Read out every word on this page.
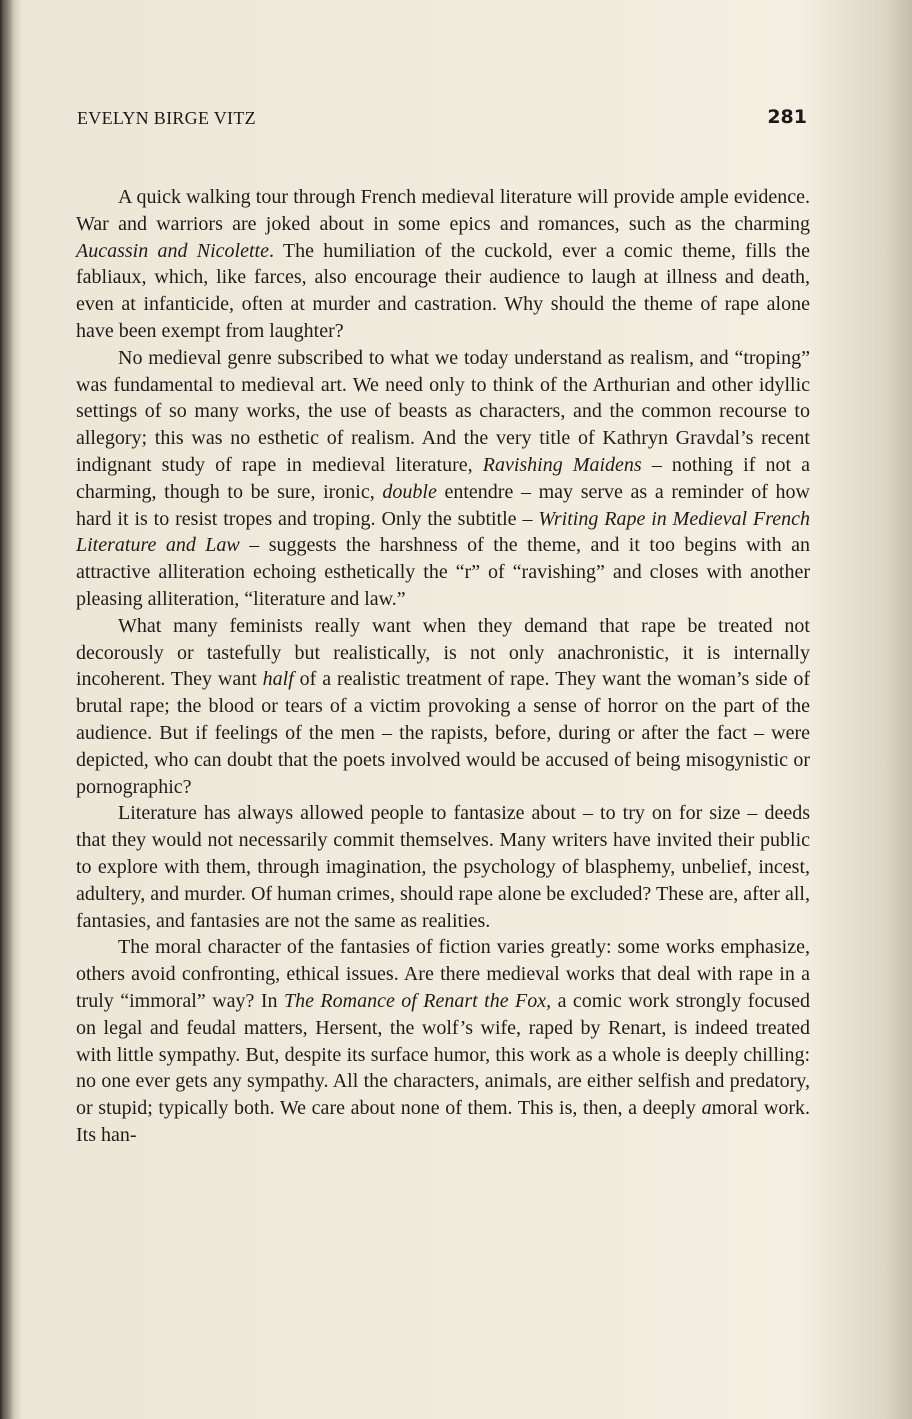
EVELYN BIRGE VITZ	281

A quick walking tour through French medieval literature will provide ample evidence. War and warriors are joked about in some epics and romances, such as the charming Aucassin and Nicolette. The humiliation of the cuckold, ever a comic theme, fills the fabliaux, which, like farces, also encourage their audience to laugh at illness and death, even at infanticide, often at murder and castration. Why should the theme of rape alone have been exempt from laughter?

No medieval genre subscribed to what we today understand as realism, and “troping” was fundamental to medieval art. We need only to think of the Arthurian and other idyllic settings of so many works, the use of beasts as characters, and the common recourse to allegory; this was no esthetic of realism. And the very title of Kathryn Gravdal’s recent indignant study of rape in medieval literature, Ravishing Maidens – nothing if not a charming, though to be sure, ironic, double entendre – may serve as a reminder of how hard it is to resist tropes and troping. Only the subtitle – Writing Rape in Medieval French Literature and Law – suggests the harshness of the theme, and it too begins with an attractive alliteration echoing esthetically the “r” of “ravishing” and closes with another pleasing alliteration, “literature and law.”

What many feminists really want when they demand that rape be treated not decorously or tastefully but realistically, is not only anachronistic, it is internally incoherent. They want half of a realistic treatment of rape. They want the woman’s side of brutal rape; the blood or tears of a victim provoking a sense of horror on the part of the audience. But if feelings of the men – the rapists, before, during or after the fact – were depicted, who can doubt that the poets involved would be accused of being misogynistic or pornographic?

Literature has always allowed people to fantasize about – to try on for size – deeds that they would not necessarily commit themselves. Many writers have invited their public to explore with them, through imagination, the psychology of blasphemy, unbelief, incest, adultery, and murder. Of human crimes, should rape alone be excluded? These are, after all, fantasies, and fantasies are not the same as realities.

The moral character of the fantasies of fiction varies greatly: some works emphasize, others avoid confronting, ethical issues. Are there medieval works that deal with rape in a truly “immoral” way? In The Romance of Renart the Fox, a comic work strongly focused on legal and feudal matters, Hersent, the wolf’s wife, raped by Renart, is indeed treated with little sympathy. But, despite its surface humor, this work as a whole is deeply chilling: no one ever gets any sympathy. All the characters, animals, are either selfish and predatory, or stupid; typically both. We care about none of them. This is, then, a deeply amoral work. Its han-
